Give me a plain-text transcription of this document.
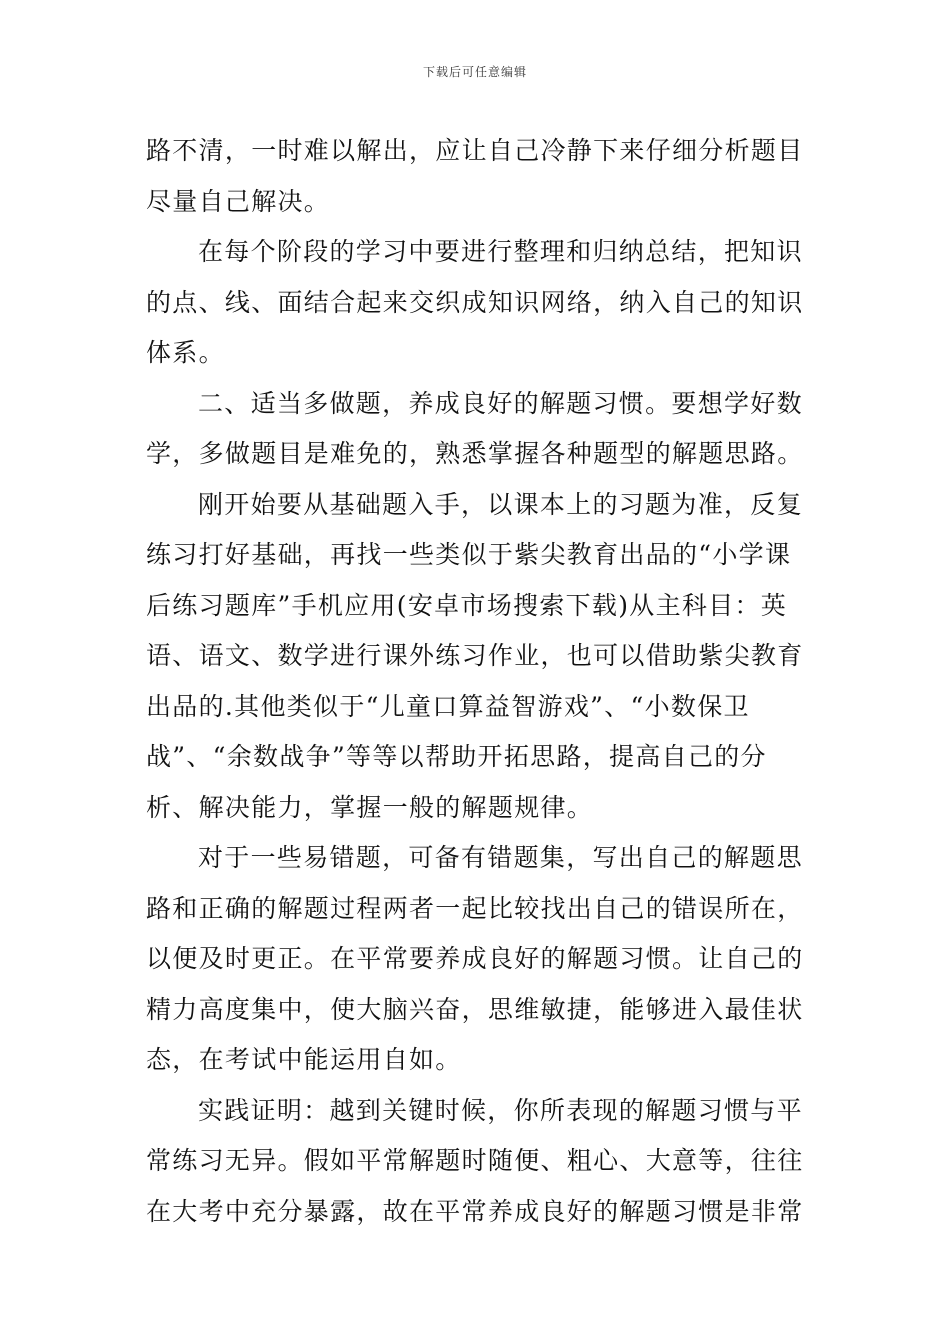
下载后可任意编辑
路不清，一时难以解出，应让自己冷静下来仔细分析题目
尽量自己解决。
在每个阶段的学习中要进行整理和归纳总结，把知识
的点、线、面结合起来交织成知识网络，纳入自己的知识
体系。
二、适当多做题，养成良好的解题习惯。要想学好数
学，多做题目是难免的，熟悉掌握各种题型的解题思路。
刚开始要从基础题入手，以课本上的习题为准，反复
练习打好基础，再找一些类似于紫尖教育出品的“小学课
后练习题库”手机应用(安卓市场搜索下载)从主科目：英
语、语文、数学进行课外练习作业，也可以借助紫尖教育
出品的.其他类似于“儿童口算益智游戏”、“小数保卫
战”、“余数战争”等等以帮助开拓思路，提高自己的分
析、解决能力，掌握一般的解题规律。
对于一些易错题，可备有错题集，写出自己的解题思
路和正确的解题过程两者一起比较找出自己的错误所在，
以便及时更正。在平常要养成良好的解题习惯。让自己的
精力高度集中，使大脑兴奋，思维敏捷，能够进入最佳状
态，在考试中能运用自如。
实践证明：越到关键时候，你所表现的解题习惯与平
常练习无异。假如平常解题时随便、粗心、大意等，往往
在大考中充分暴露，故在平常养成良好的解题习惯是非常
